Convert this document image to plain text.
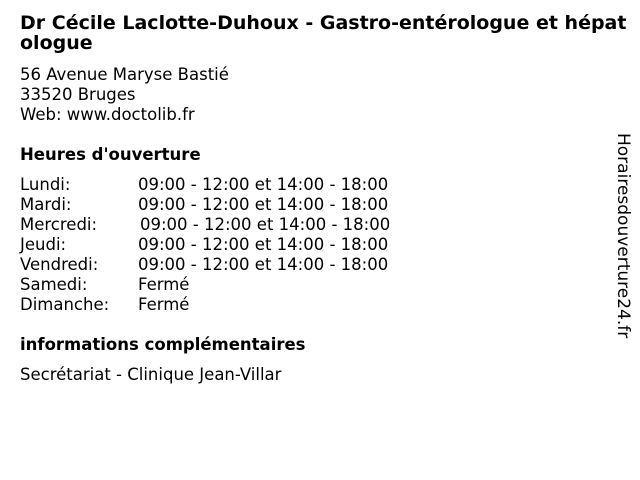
Dr Cécile Laclotte-Duhoux - Gastro-entérologue et hépatologue
56 Avenue Maryse Bastié
33520 Bruges
Web: www.doctolib.fr
Heures d'ouverture
Lundi:	09:00 - 12:00 et 14:00 - 18:00
Mardi:	09:00 - 12:00 et 14:00 - 18:00
Mercredi:	09:00 - 12:00 et 14:00 - 18:00
Jeudi:	09:00 - 12:00 et 14:00 - 18:00
Vendredi: 09:00 - 12:00 et 14:00 - 18:00
Samedi:	Fermé
Dimanche: Fermé
informations complémentaires
Secrétariat - Clinique Jean-Villar
Horairesdouverture24.fr
